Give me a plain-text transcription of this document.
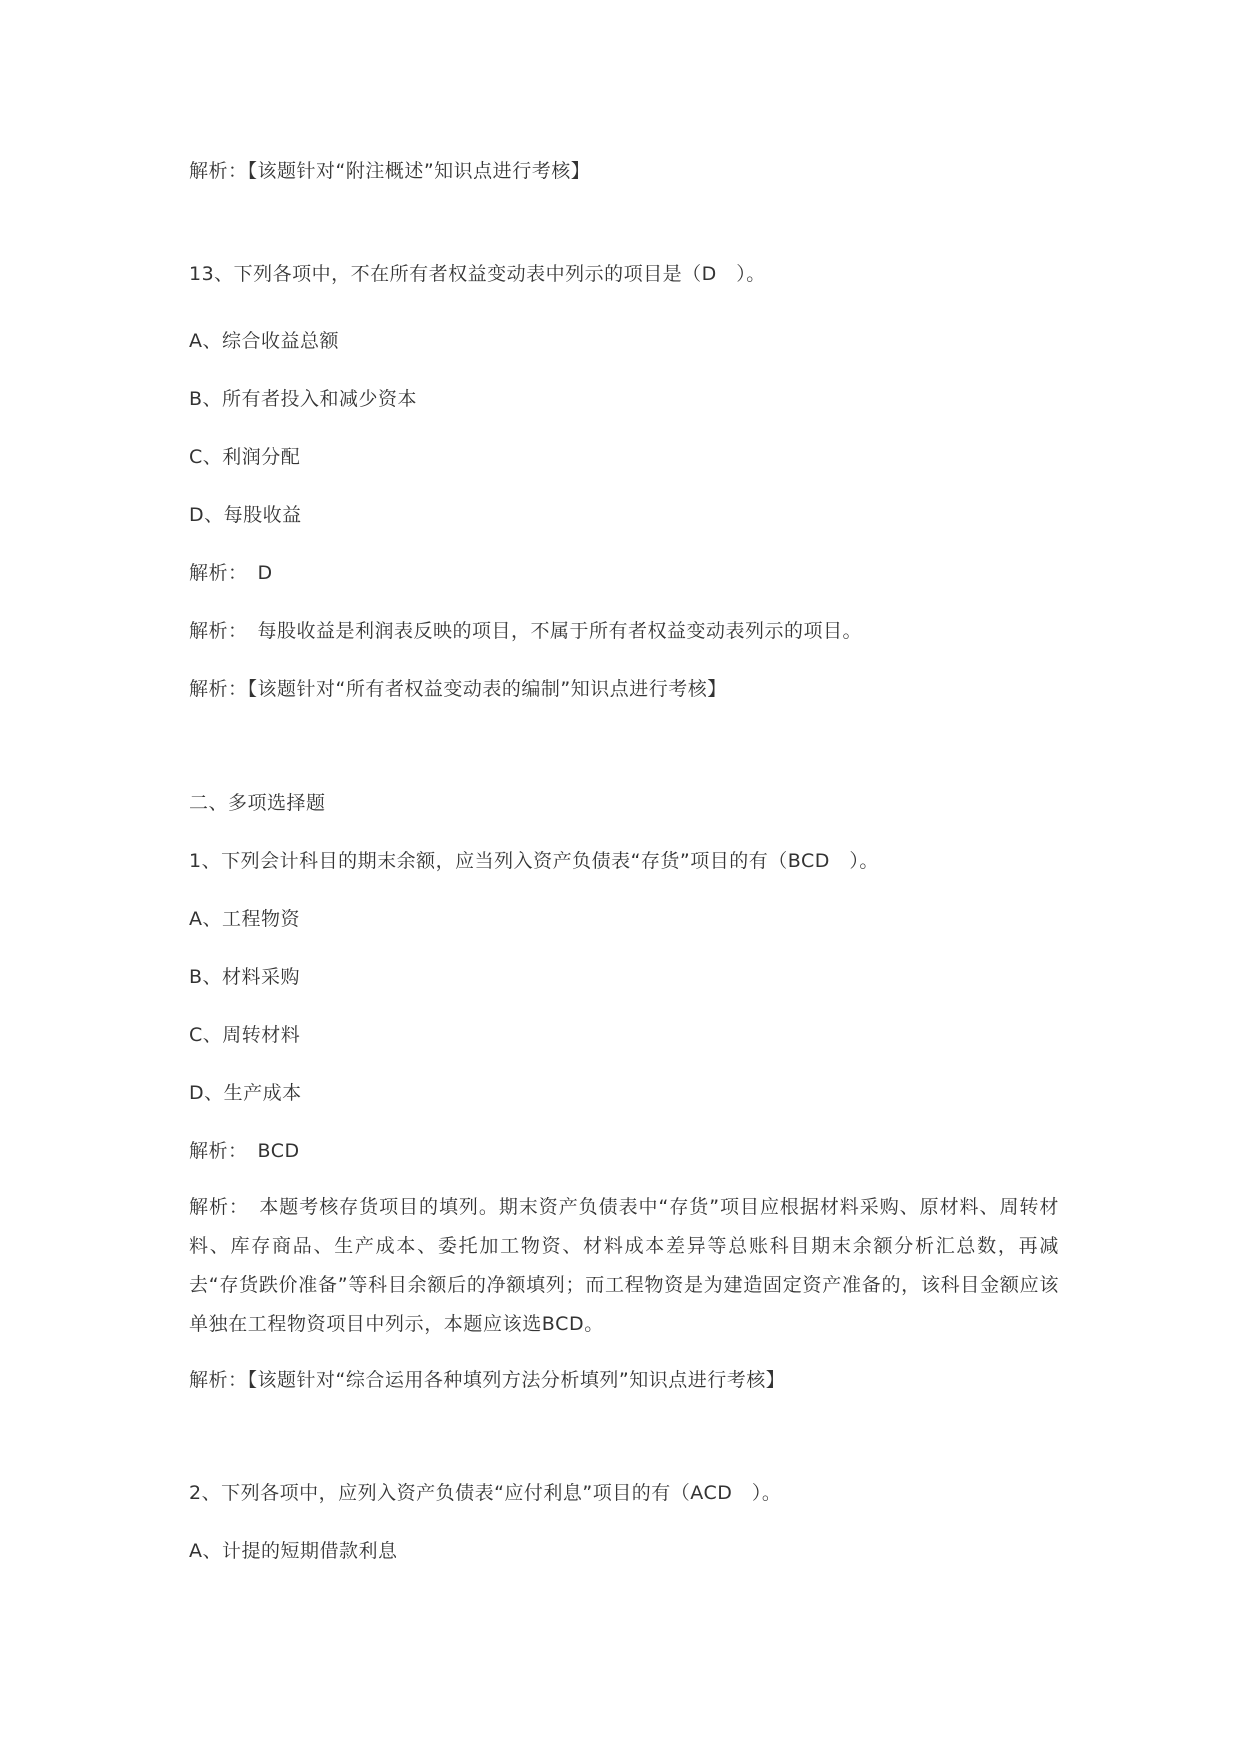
解析：【该题针对“附注概述”知识点进行考核】
13、下列各项中，不在所有者权益变动表中列示的项目是（D　）。
A、综合收益总额
B、所有者投入和减少资本
C、利润分配
D、每股收益
解析：　D
解析：　每股收益是利润表反映的项目，不属于所有者权益变动表列示的项目。
解析：【该题针对“所有者权益变动表的编制”知识点进行考核】
二、多项选择题
1、下列会计科目的期末余额，应当列入资产负债表“存货”项目的有（BCD　）。
A、工程物资
B、材料采购
C、周转材料
D、生产成本
解析：　BCD
解析：　本题考核存货项目的填列。期末资产负债表中“存货”项目应根据材料采购、原材料、周转材料、库存商品、生产成本、委托加工物资、材料成本差异等总账科目期末余额分析汇总数，再减去“存货跌价准备”等科目余额后的净额填列；而工程物资是为建造固定资产准备的，该科目金额应该单独在工程物资项目中列示，本题应该选BCD。
解析：【该题针对“综合运用各种填列方法分析填列”知识点进行考核】
2、下列各项中，应列入资产负债表“应付利息”项目的有（ACD　）。
A、计提的短期借款利息
